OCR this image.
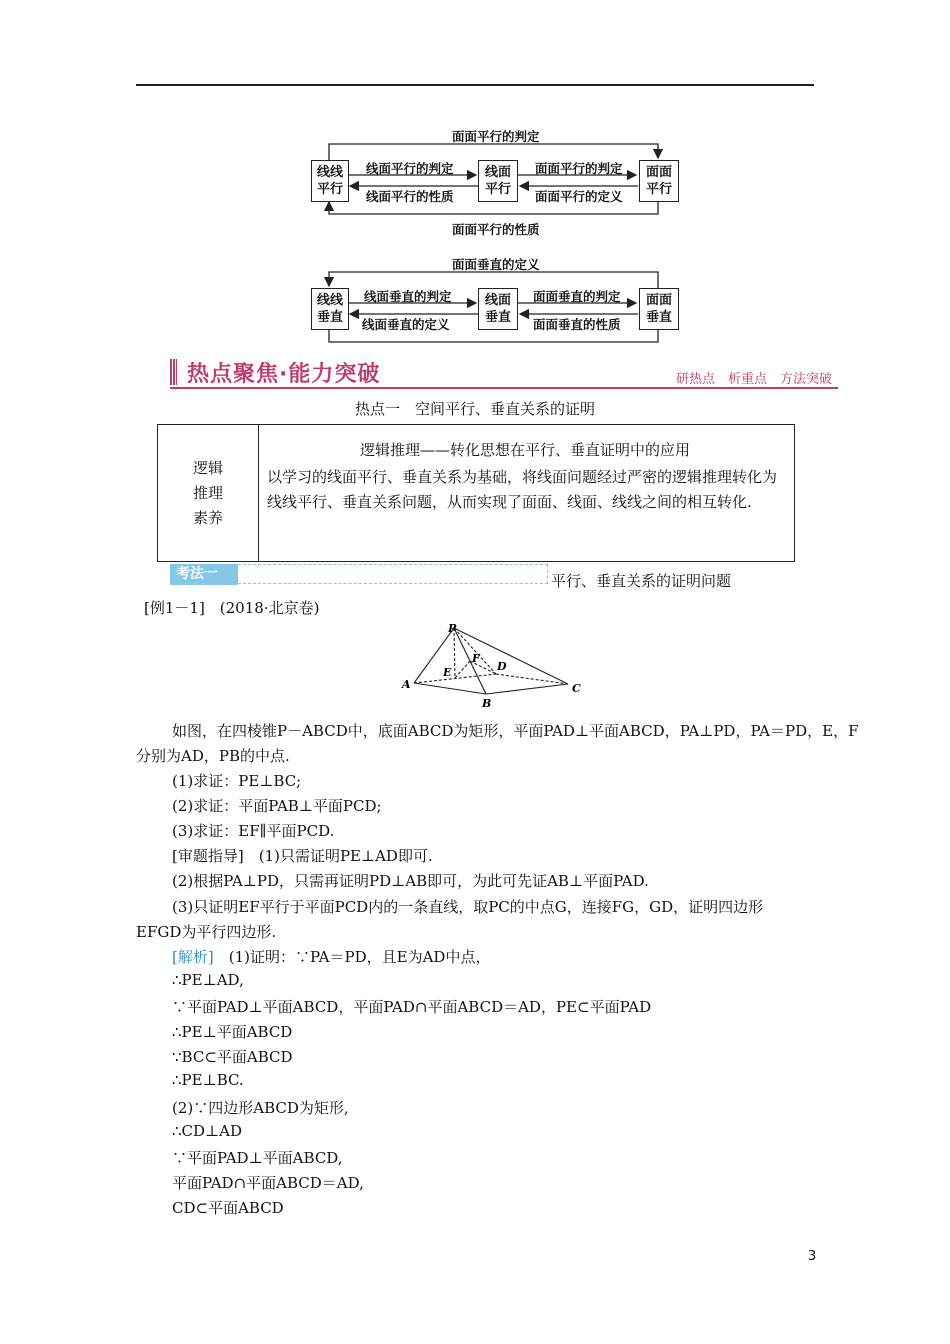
面面平行的判定
线面平行的判定
线面平行的性质
面面平行的判定
面面平行的定义
面面平行的性质
线线
平行
线面
平行
面面
平行
面面垂直的定义
线面垂直的判定
线面垂直的定义
面面垂直的判定
面面垂直的性质
线线
垂直
线面
垂直
面面
垂直
热点聚焦·能力突破	研热点　析重点　方法突破
热点一　空间平行、垂直关系的证明
逻辑
推理
素养
逻辑推理——转化思想在平行、垂直证明中的应用
以学习的线面平行、垂直关系为基础，将线面问题经过严密的逻辑推理转化为线线平行、垂直关系问题，从而实现了面面、线面、线线之间的相互转化.
考法一	平行、垂直关系的证明问题
[例1－1]　(2018·北京卷)
P
A
B
C
D
E
F
如图，在四棱锥P－ABCD中，底面ABCD为矩形，平面PAD⊥平面ABCD，PA⊥PD，PA＝PD，E，F
分别为AD，PB的中点.
(1)求证：PE⊥BC;
(2)求证：平面PAB⊥平面PCD;
(3)求证：EF∥平面PCD.
[审题指导]　(1)只需证明PE⊥AD即可.
(2)根据PA⊥PD，只需再证明PD⊥AB即可，为此可先证AB⊥平面PAD.
(3)只证明EF平行于平面PCD内的一条直线，取PC的中点G，连接FG，GD，证明四边形
EFGD为平行四边形.
[解析]　(1)证明：∵PA＝PD，且E为AD中点，
∴PE⊥AD,
∵平面PAD⊥平面ABCD，平面PAD∩平面ABCD＝AD，PE⊂平面PAD
∴PE⊥平面ABCD
∵BC⊂平面ABCD
∴PE⊥BC.
(2)∵四边形ABCD为矩形,
∴CD⊥AD
∵平面PAD⊥平面ABCD,
平面PAD∩平面ABCD＝AD,
CD⊂平面ABCD
3
